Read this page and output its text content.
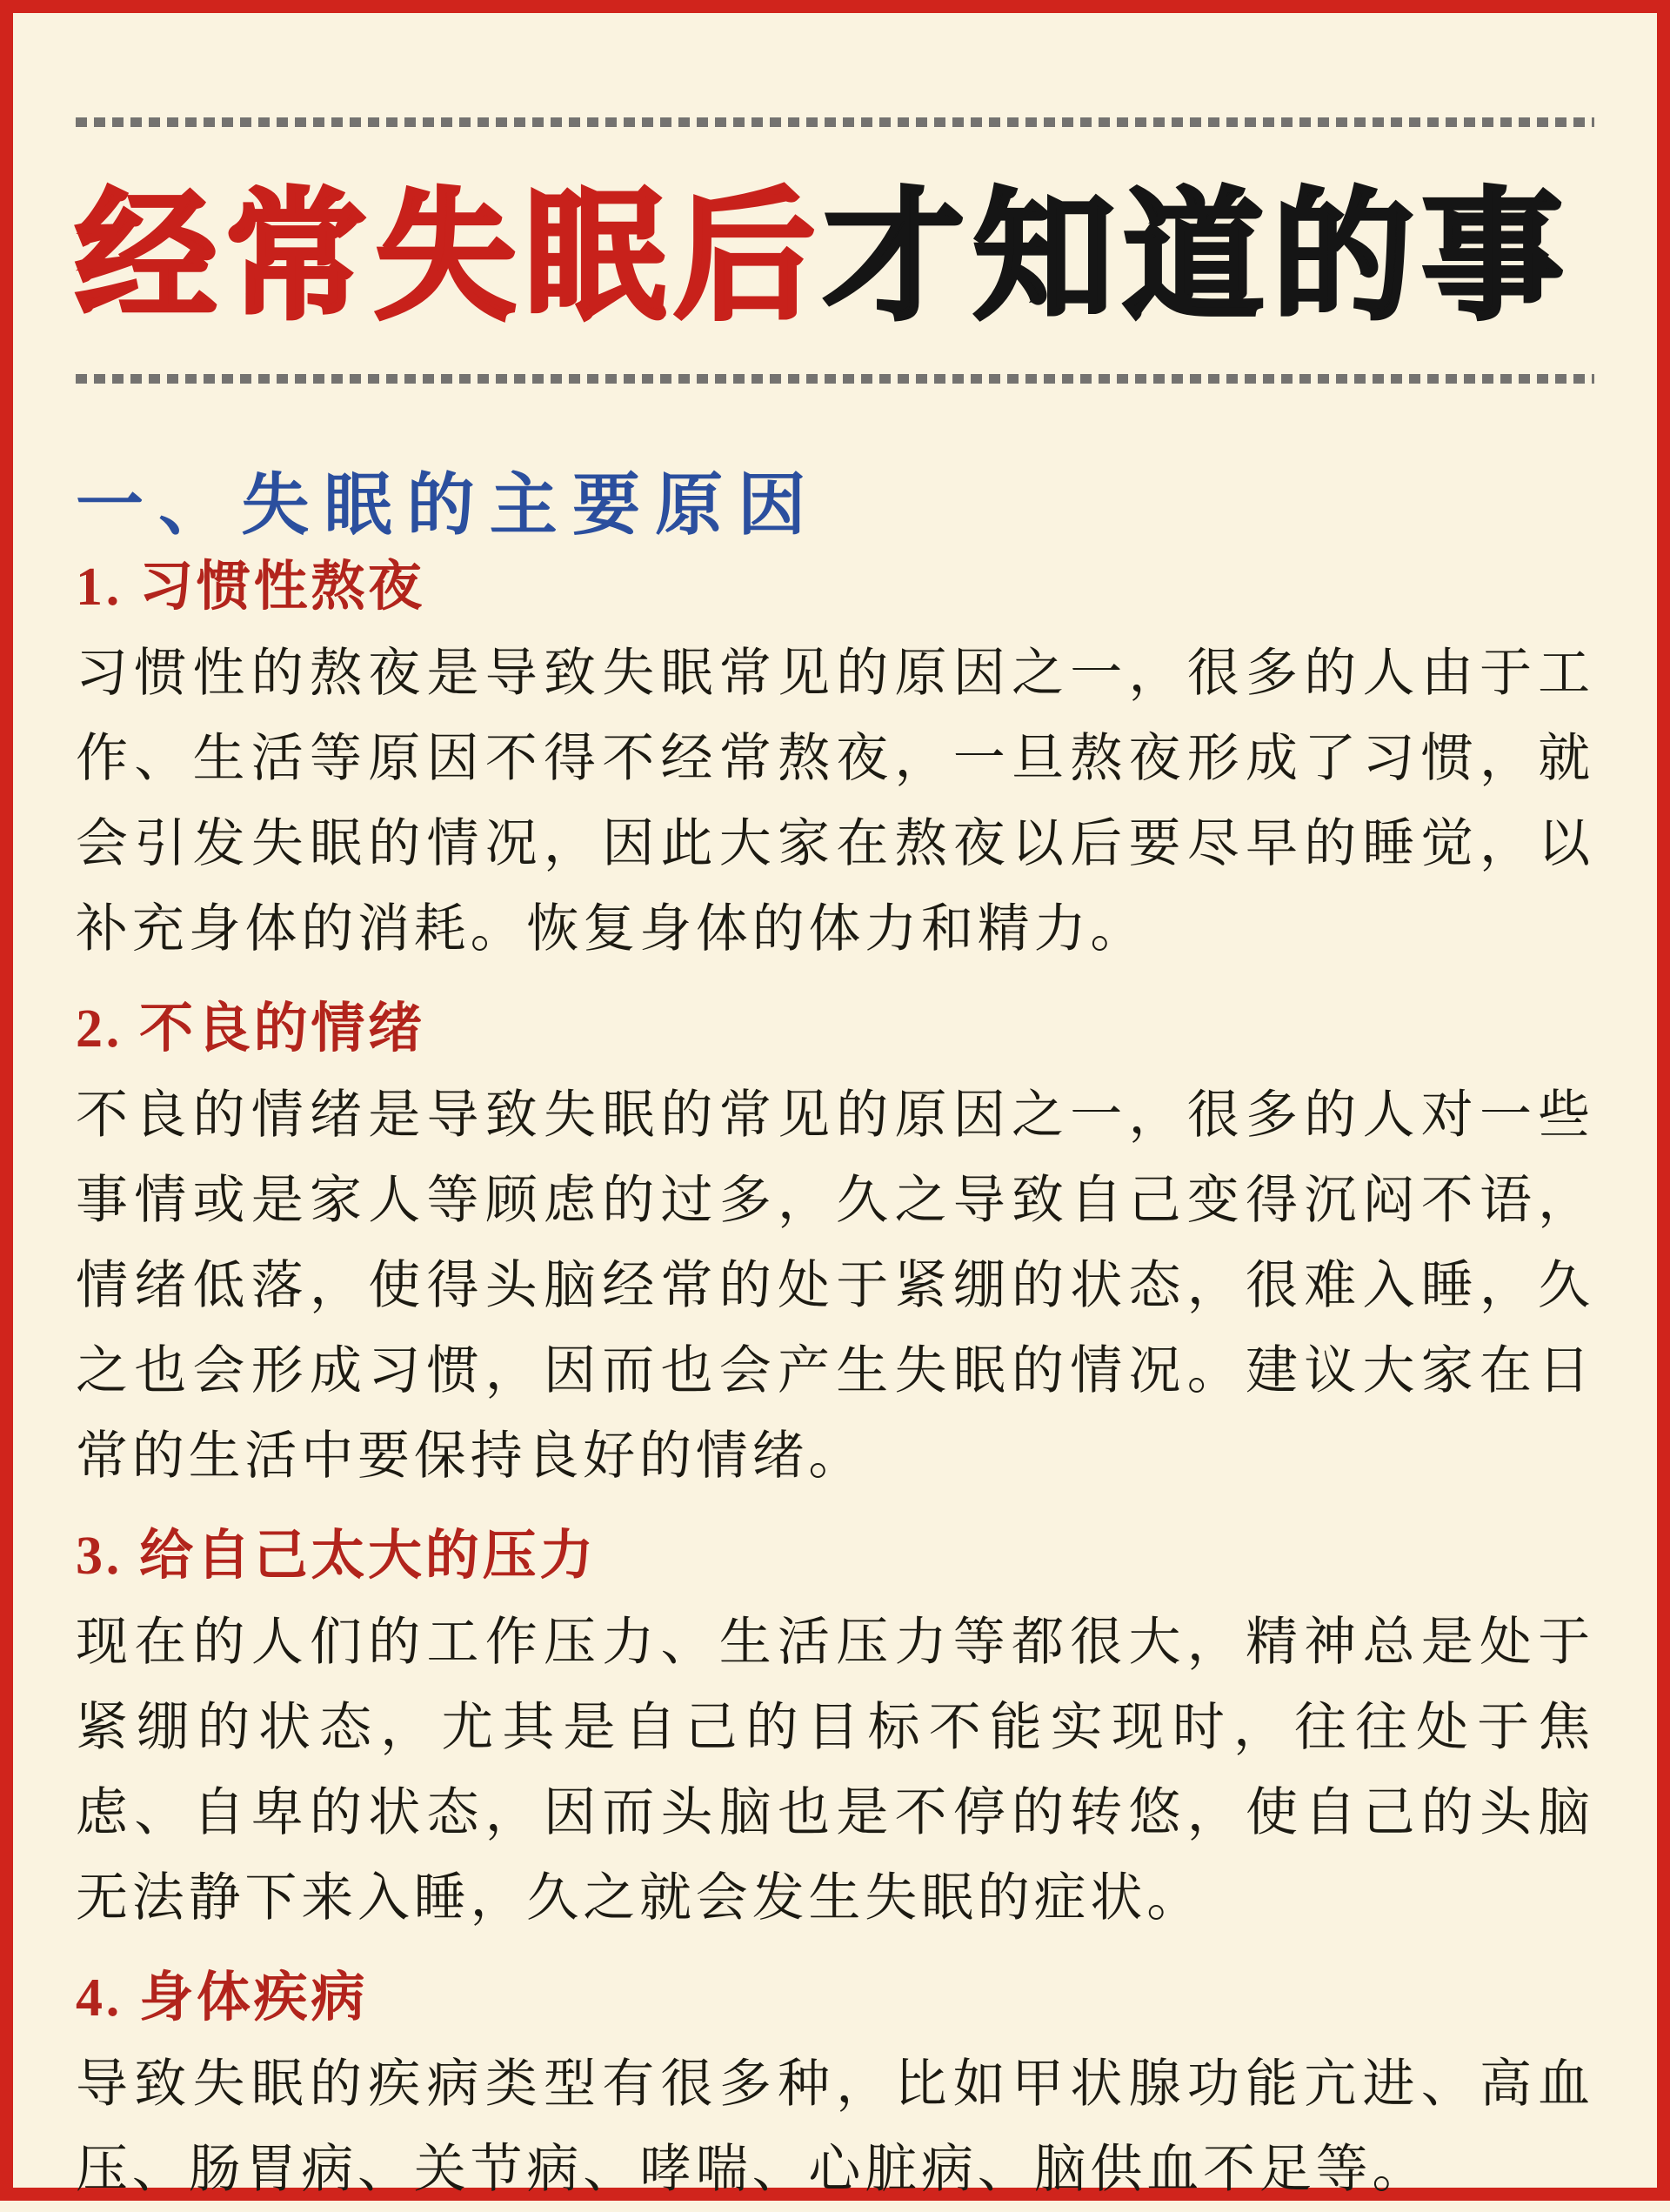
经常失眠后 才知道的事
一、失眠的主要原因
1. 习惯性熬夜

习惯性的熬夜是导致失眠常见的原因之一，很多的人由于工作、生活等原因不得不经常熬夜，一旦熬夜形成了习惯，就会引发失眠的情况，因此大家在熬夜以后要尽早的睡觉，以补充身体的消耗。恢复身体的体力和精力。

2. 不良的情绪

不良的情绪是导致失眠的常见的原因之一，很多的人对一些事情或是家人等顾虑的过多，久之导致自己变得沉闷不语，情绪低落，使得头脑经常的处于紧绷的状态，很难入睡，久之也会形成习惯，因而也会产生失眠的情况。建议大家在日常的生活中要保持良好的情绪。

3. 给自己太大的压力

现在的人们的工作压力、生活压力等都很大，精神总是处于紧绷的状态，尤其是自己的目标不能实现时，往往处于焦虑、自卑的状态，因而头脑也是不停的转悠，使自己的头脑无法静下来入睡，久之就会发生失眠的症状。

4. 身体疾病

导致失眠的疾病类型有很多种，比如甲状腺功能亢进、高血压、肠胃病、关节病、哮喘、心脏病、脑供血不足等。
